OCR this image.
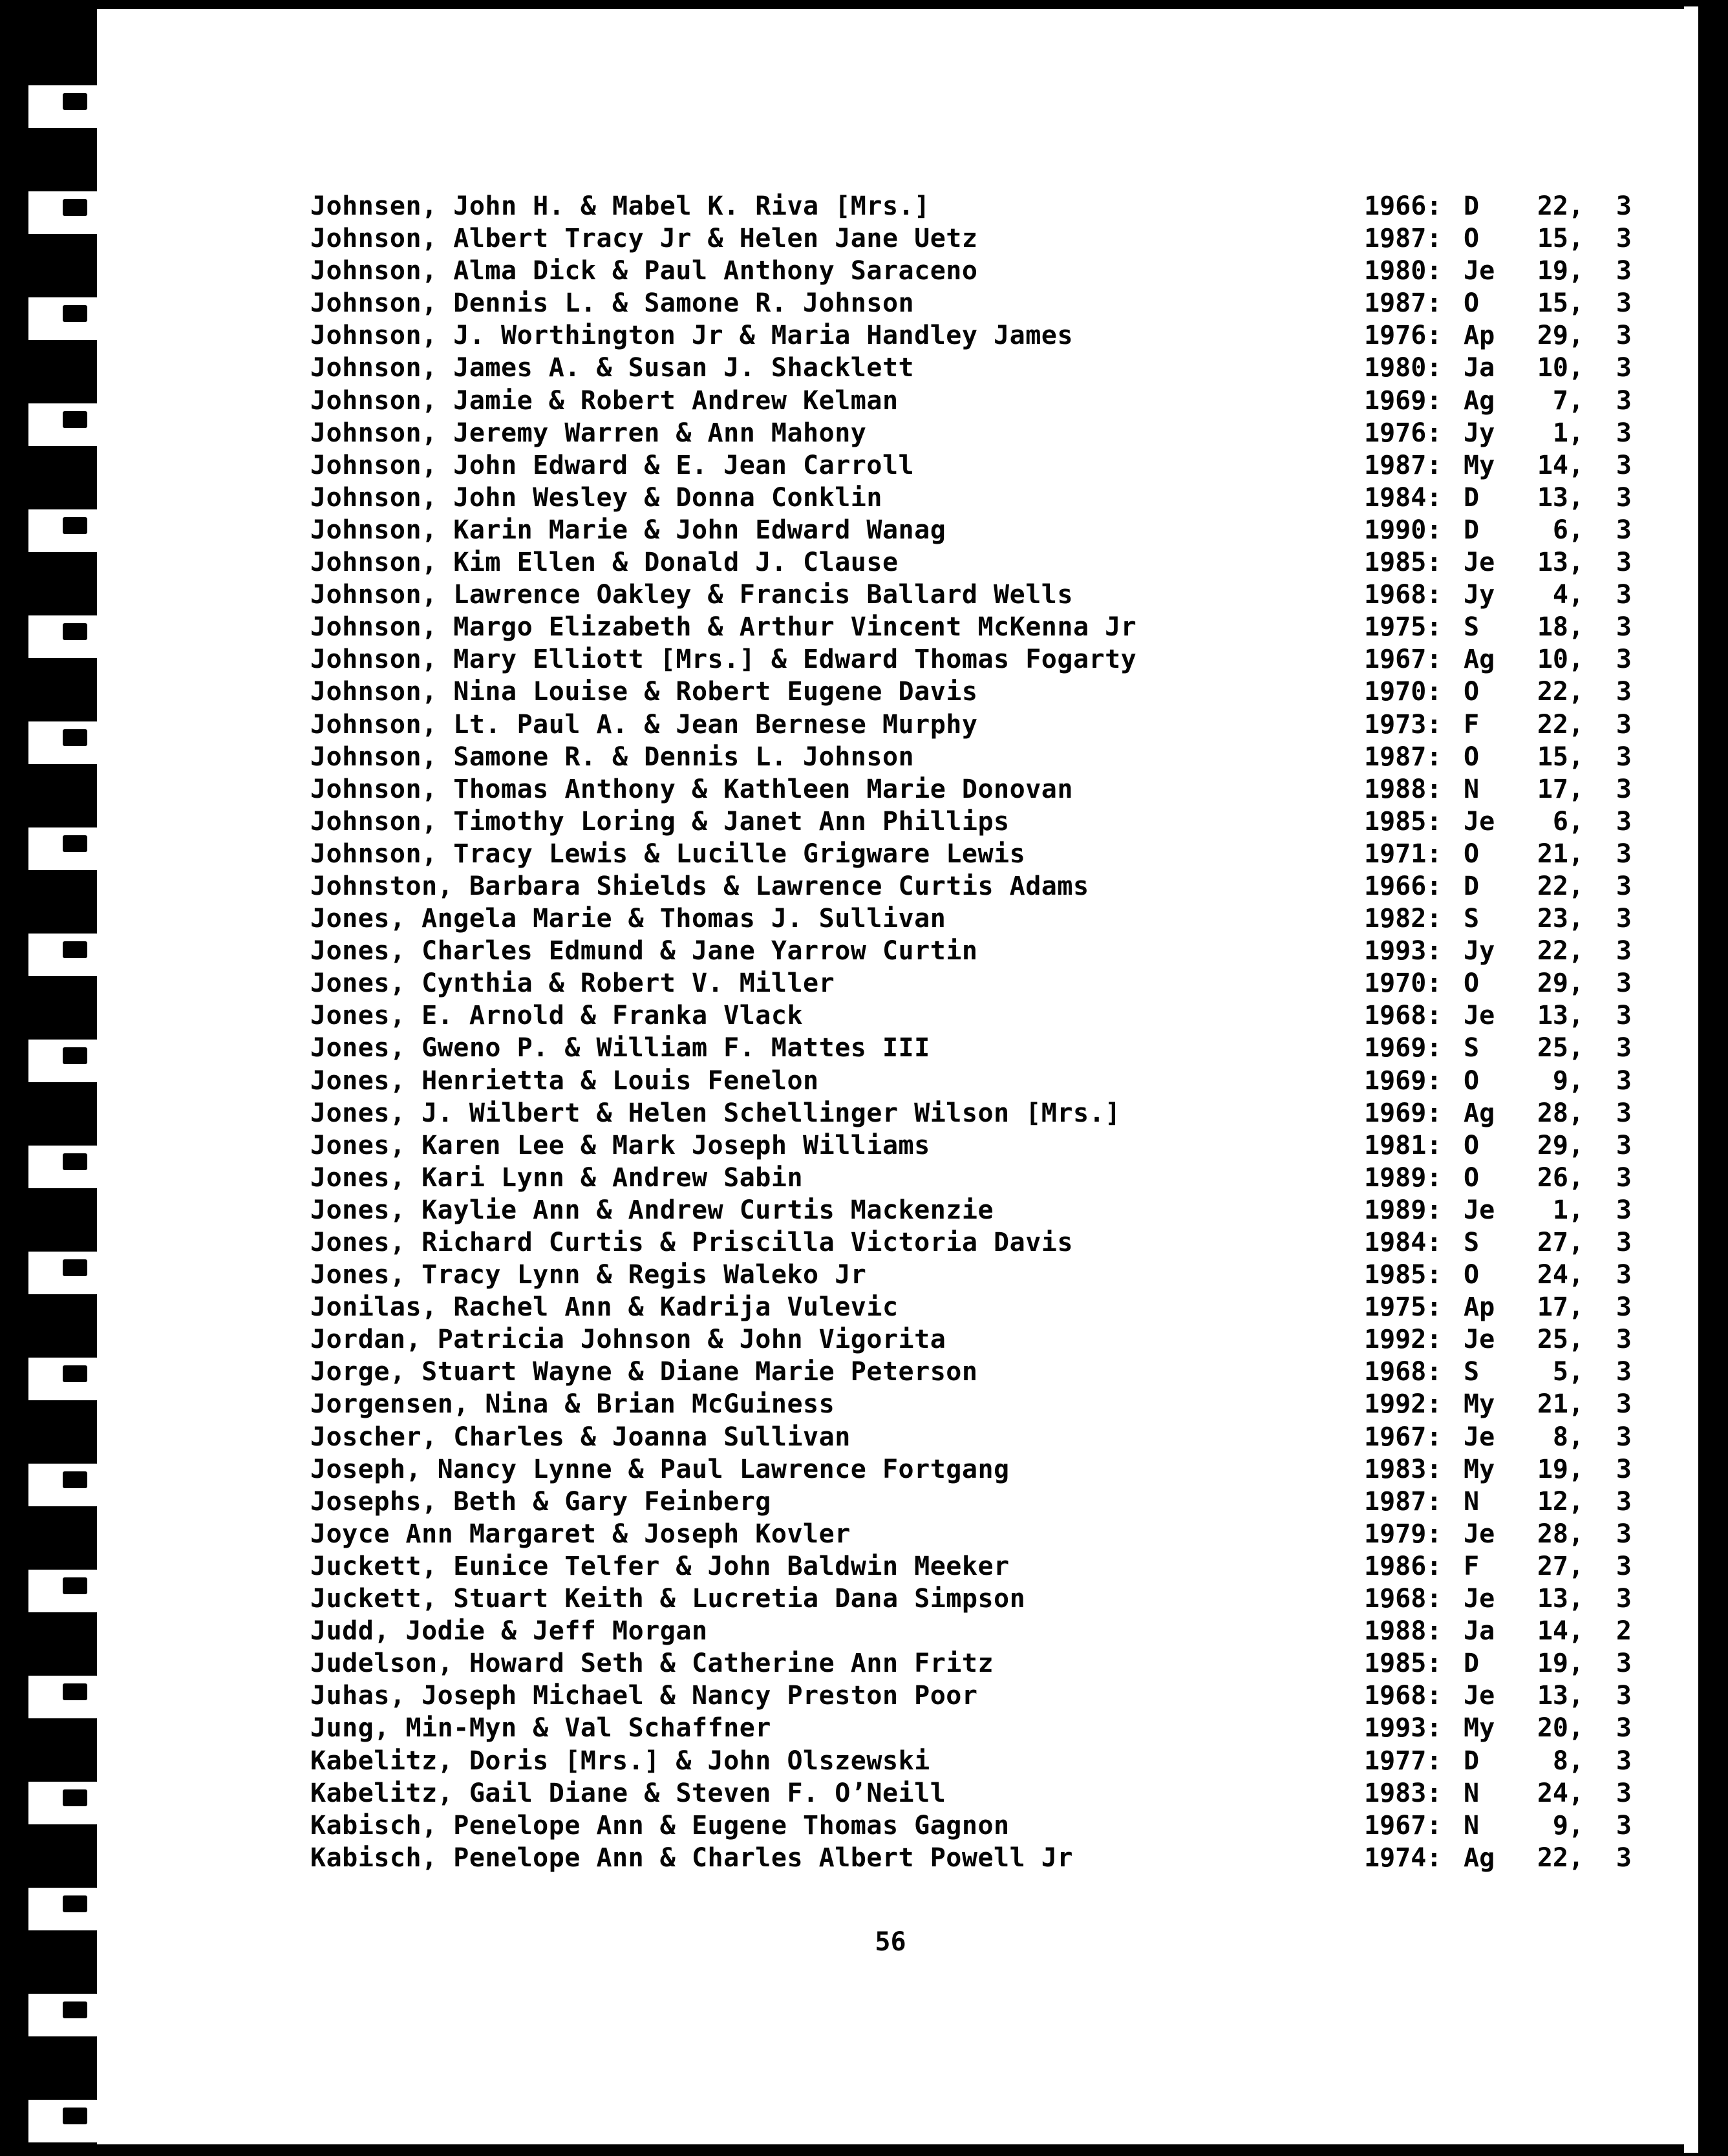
Johnsen, John H. & Mabel K. Riva [Mrs.]	1966: D	22 ,	3
Johnson, Albert Tracy Jr & Helen Jane Uetz	1987: O	15 ,	3
Johnson, Alma Dick & Paul Anthony Saraceno	1980: Je	19 ,	3
Johnson, Dennis L. & Samone R. Johnson	1987: O	15 ,	3
Johnson, J. Worthington Jr & Maria Handley James	1976: Ap	29 ,	3
Johnson, James A. & Susan J. Shacklett	1980: Ja	10 ,	3
Johnson, Jamie & Robert Andrew Kelman	1969: Ag	7 ,	3
Johnson, Jeremy Warren & Ann Mahony	1976: Jy	1 ,	3
Johnson, John Edward & E. Jean Carroll	1987: My	14 ,	3
Johnson, John Wesley & Donna Conklin	1984: D	13 ,	3
Johnson, Karin Marie & John Edward Wanag	1990: D	6 ,	3
Johnson, Kim Ellen & Donald J. Clause	1985: Je	13 ,	3
Johnson, Lawrence Oakley & Francis Ballard Wells	1968: Jy	4 ,	3
Johnson, Margo Elizabeth & Arthur Vincent McKenna Jr	1975: S	18 ,	3
Johnson, Mary Elliott [Mrs.] & Edward Thomas Fogarty	1967: Ag	10 ,	3
Johnson, Nina Louise & Robert Eugene Davis	1970: O	22 ,	3
Johnson, Lt. Paul A. & Jean Bernese Murphy	1973: F	22 ,	3
Johnson, Samone R. & Dennis L. Johnson	1987: O	15 ,	3
Johnson, Thomas Anthony & Kathleen Marie Donovan	1988: N	17 ,	3
Johnson, Timothy Loring & Janet Ann Phillips	1985: Je	6 ,	3
Johnson, Tracy Lewis & Lucille Grigware Lewis	1971: O	21 ,	3
Johnston, Barbara Shields & Lawrence Curtis Adams	1966: D	22 ,	3
Jones, Angela Marie & Thomas J. Sullivan	1982: S	23 ,	3
Jones, Charles Edmund & Jane Yarrow Curtin	1993: Jy	22 ,	3
Jones, Cynthia & Robert V. Miller	1970: O	29 ,	3
Jones, E. Arnold & Franka Vlack	1968: Je	13 ,	3
Jones, Gweno P. & William F. Mattes III	1969: S	25 ,	3
Jones, Henrietta & Louis Fenelon	1969: O	9 ,	3
Jones, J. Wilbert & Helen Schellinger Wilson [Mrs.]	1969: Ag	28 ,	3
Jones, Karen Lee & Mark Joseph Williams	1981: O	29 ,	3
Jones, Kari Lynn & Andrew Sabin	1989: O	26 ,	3
Jones, Kaylie Ann & Andrew Curtis Mackenzie	1989: Je	1 ,	3
Jones, Richard Curtis & Priscilla Victoria Davis	1984: S	27 ,	3
Jones, Tracy Lynn & Regis Waleko Jr	1985: O	24 ,	3
Jonilas, Rachel Ann & Kadrija Vulevic	1975: Ap	17 ,	3
Jordan, Patricia Johnson & John Vigorita	1992: Je	25 ,	3
Jorge, Stuart Wayne & Diane Marie Peterson	1968: S	5 ,	3
Jorgensen, Nina & Brian McGuiness	1992: My	21 ,	3
Joscher, Charles & Joanna Sullivan	1967: Je	8 ,	3
Joseph, Nancy Lynne & Paul Lawrence Fortgang	1983: My	19 ,	3
Josephs, Beth & Gary Feinberg	1987: N	12 ,	3
Joyce Ann Margaret & Joseph Kovler	1979: Je	28 ,	3
Juckett, Eunice Telfer & John Baldwin Meeker	1986: F	27 ,	3
Juckett, Stuart Keith & Lucretia Dana Simpson	1968: Je	13 ,	3
Judd, Jodie & Jeff Morgan	1988: Ja	14 ,	2
Judelson, Howard Seth & Catherine Ann Fritz	1985: D	19 ,	3
Juhas, Joseph Michael & Nancy Preston Poor	1968: Je	13 ,	3
Jung, Min-Myn & Val Schaffner	1993: My	20 ,	3
Kabelitz, Doris [Mrs.] & John Olszewski	1977: D	8 ,	3
Kabelitz, Gail Diane & Steven F. O’Neill	1983: N	24 ,	3
Kabisch, Penelope Ann & Eugene Thomas Gagnon	1967: N	9 ,	3
Kabisch, Penelope Ann & Charles Albert Powell Jr	1974: Ag	22 ,	3
56
